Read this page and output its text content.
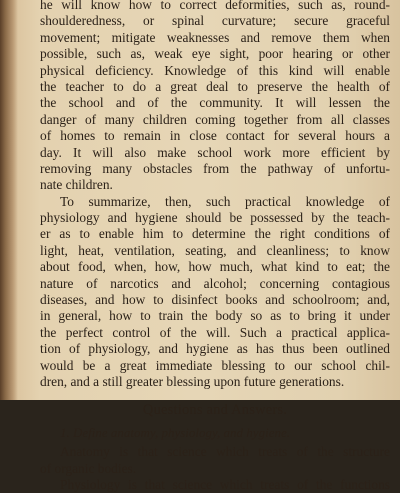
he will know how to correct deformities, such as, round-
shoulderedness, or spinal curvature; secure graceful
movement; mitigate weaknesses and remove them when
possible, such as, weak eye sight, poor hearing or other
physical deficiency. Knowledge of this kind will enable
the teacher to do a great deal to preserve the health of
the school and of the community. It will lessen the
danger of many children coming together from all classes
of homes to remain in close contact for several hours a
day. It will also make school work more efficient by
removing many obstacles from the pathway of unfortu-
nate children.
To summarize, then, such practical knowledge of
physiology and hygiene should be possessed by the teach-
er as to enable him to determine the right conditions of
light, heat, ventilation, seating, and cleanliness; to know
about food, when, how, how much, what kind to eat; the
nature of narcotics and alcohol; concerning contagious
diseases, and how to disinfect books and schoolroom; and,
in general, how to train the body so as to bring it under
the perfect control of the will. Such a practical applica-
tion of physiology, and hygiene as has thus been outlined
would be a great immediate blessing to our school chil-
dren, and a still greater blessing upon future generations.
Questions and Answers.
1. Define anatomy, physiology, and hygiene.
Anatomy is that science which treats of the structure
of organic bodies.
Physiology is that science which treats of the functions
